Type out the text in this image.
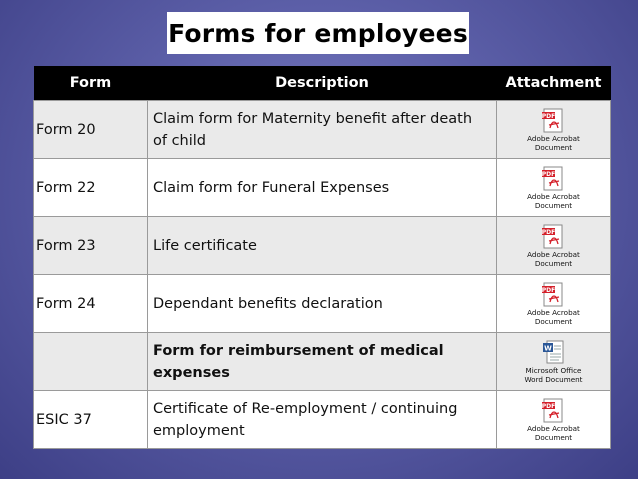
Forms for employees
Form	Description	Attachment
Form 20	Claim form for Maternity benefit after death of child	PDF
Adobe Acrobat
Document

Form 22	Claim form for Funeral Expenses	PDF
Adobe Acrobat
Document

Form 23	Life certificate	PDF
Adobe Acrobat
Document

Form 24	Dependant benefits declaration	PDF
Adobe Acrobat
Document

	Form for reimbursement of medical expenses	W
Microsoft Office
Word Document

ESIC 37	Certificate of Re-employment / continuing employment	PDF
Adobe Acrobat
Document
